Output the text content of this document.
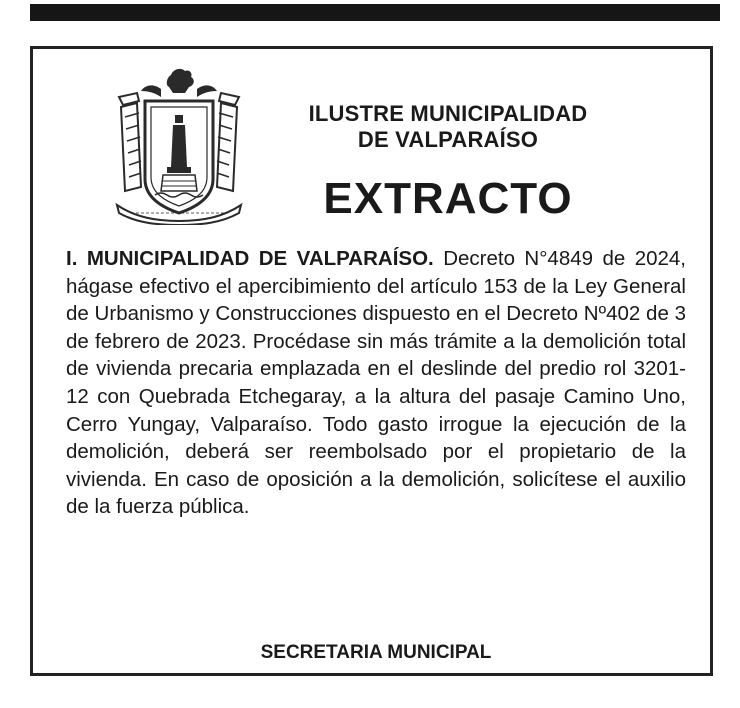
ILUSTRE MUNICIPALIDAD

DE VALPARAÍSO

EXTRACTO

I. MUNICIPALIDAD DE VALPARAÍSO. Decreto N°4849 de 2024, hágase efectivo el apercibimiento del artículo 153 de la Ley General de Urbanismo y Construcciones dispuesto en el Decreto Nº402 de 3 de febrero de 2023. Procédase sin más trámite a la demolición total de vivienda precaria emplazada en el deslinde del predio rol 3201-12 con Quebrada Etchegaray, a la altura del pasaje Camino Uno, Cerro Yungay, Valparaíso. Todo gasto irrogue la ejecución de la demolición, deberá ser reembolsado por el propietario de la vivienda. En caso de oposición a la demolición, solicítese el auxilio de la fuerza pública.

SECRETARIA MUNICIPAL
